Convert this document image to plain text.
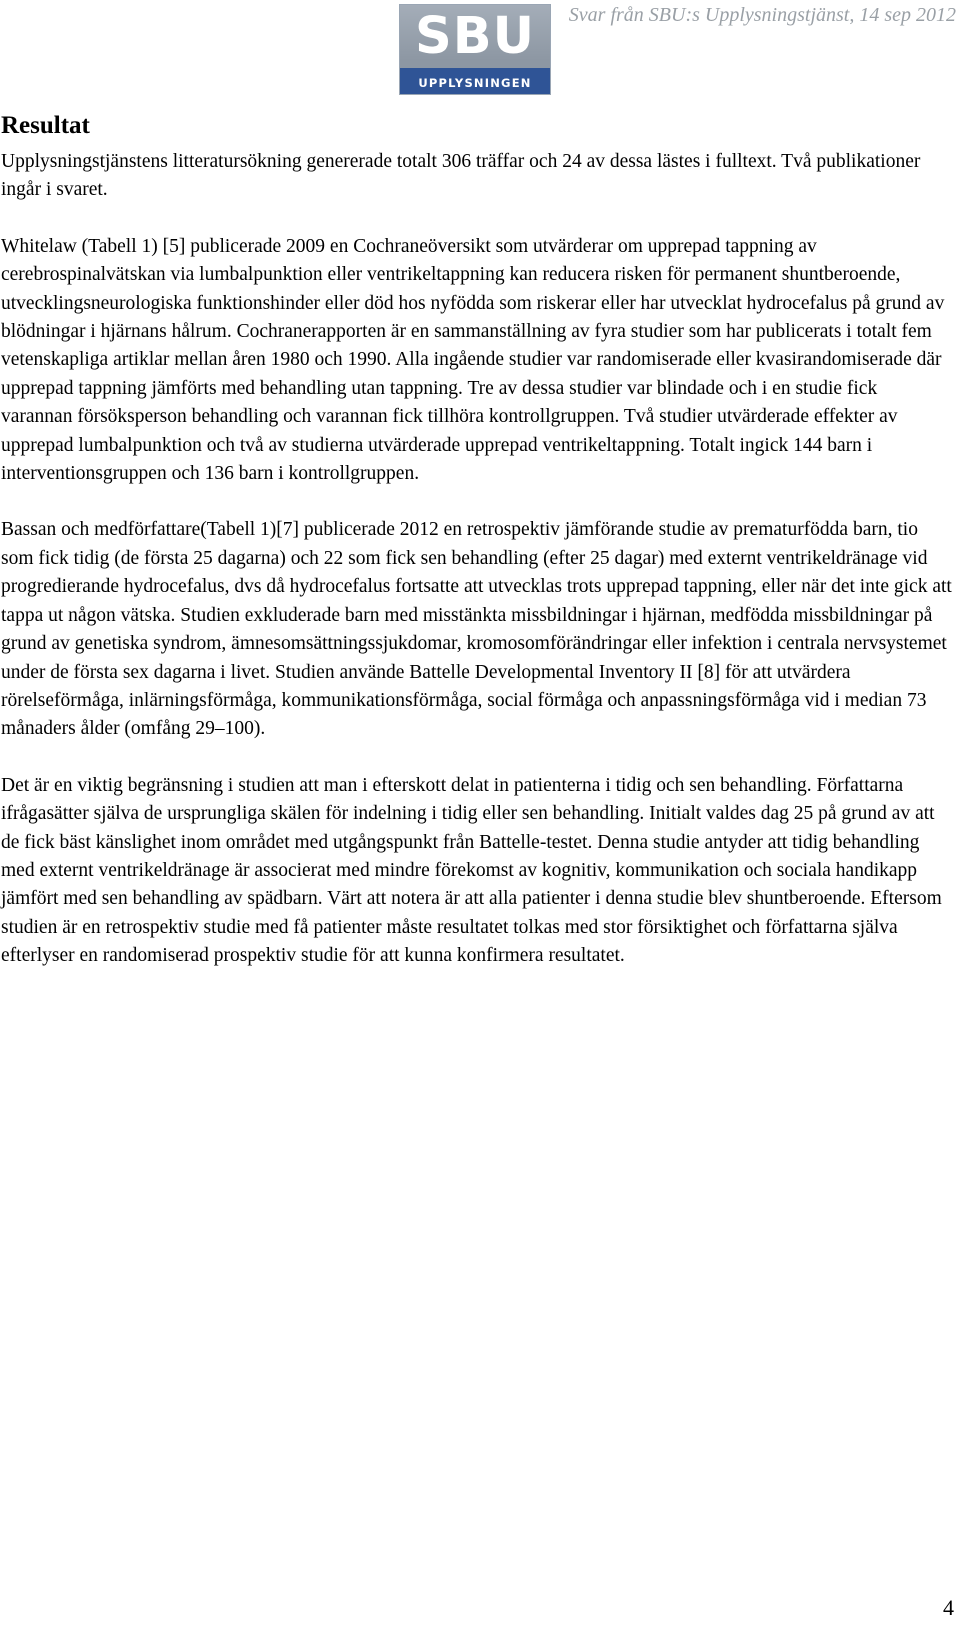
SBU
UPPLYSNINGEN
Svar från SBU:s Upplysningstjänst, 14 sep 2012
Resultat

Upplysningstjänstens litteratursökning genererade totalt 306 träffar och 24 av dessa lästes i fulltext. Två publikationer ingår i svaret.

Whitelaw (Tabell 1) [5] publicerade 2009 en Cochraneöversikt som utvärderar om upprepad tappning av cerebrospinalvätskan via lumbalpunktion eller ventrikeltappning kan reducera risken för permanent shuntberoende, utvecklingsneurologiska funktionshinder eller död hos nyfödda som riskerar eller har utvecklat hydrocefalus på grund av blödningar i hjärnans hålrum. Cochranerapporten är en sammanställning av fyra studier som har publicerats i totalt fem vetenskapliga artiklar mellan åren 1980 och 1990. Alla ingående studier var randomiserade eller kvasirandomiserade där upprepad tappning jämförts med behandling utan tappning. Tre av dessa studier var blindade och i en studie fick varannan försöksperson behandling och varannan fick tillhöra kontrollgruppen. Två studier utvärderade effekter av upprepad lumbalpunktion och två av studierna utvärderade upprepad ventrikeltappning. Totalt ingick 144 barn i interventionsgruppen och 136 barn i kontrollgruppen.

Bassan och medförfattare(Tabell 1)[7] publicerade 2012 en retrospektiv jämförande studie av prematurfödda barn, tio som fick tidig (de första 25 dagarna) och 22 som fick sen behandling (efter 25 dagar) med externt ventrikeldränage vid progredierande hydrocefalus, dvs då hydrocefalus fortsatte att utvecklas trots upprepad tappning, eller när det inte gick att tappa ut någon vätska. Studien exkluderade barn med misstänkta missbildningar i hjärnan, medfödda missbildningar på grund av genetiska syndrom, ämnesomsättningssjukdomar, kromosomförändringar eller infektion i centrala nervsystemet under de första sex dagarna i livet. Studien använde Battelle Developmental Inventory II [8] för att utvärdera rörelseförmåga, inlärningsförmåga, kommunikationsförmåga, social förmåga och anpassningsförmåga vid i median 73 månaders ålder (omfång 29–100).

Det är en viktig begränsning i studien att man i efterskott delat in patienterna i tidig och sen behandling. Författarna ifrågasätter själva de ursprungliga skälen för indelning i tidig eller sen behandling. Initialt valdes dag 25 på grund av att de fick bäst känslighet inom området med utgångspunkt från Battelle-testet. Denna studie antyder att tidig behandling med externt ventrikeldränage är associerat med mindre förekomst av kognitiv, kommunikation och sociala handikapp jämfört med sen behandling av spädbarn. Värt att notera är att alla patienter i denna studie blev shuntberoende. Eftersom studien är en retrospektiv studie med få patienter måste resultatet tolkas med stor försiktighet och författarna själva efterlyser en randomiserad prospektiv studie för att kunna konfirmera resultatet.

4
